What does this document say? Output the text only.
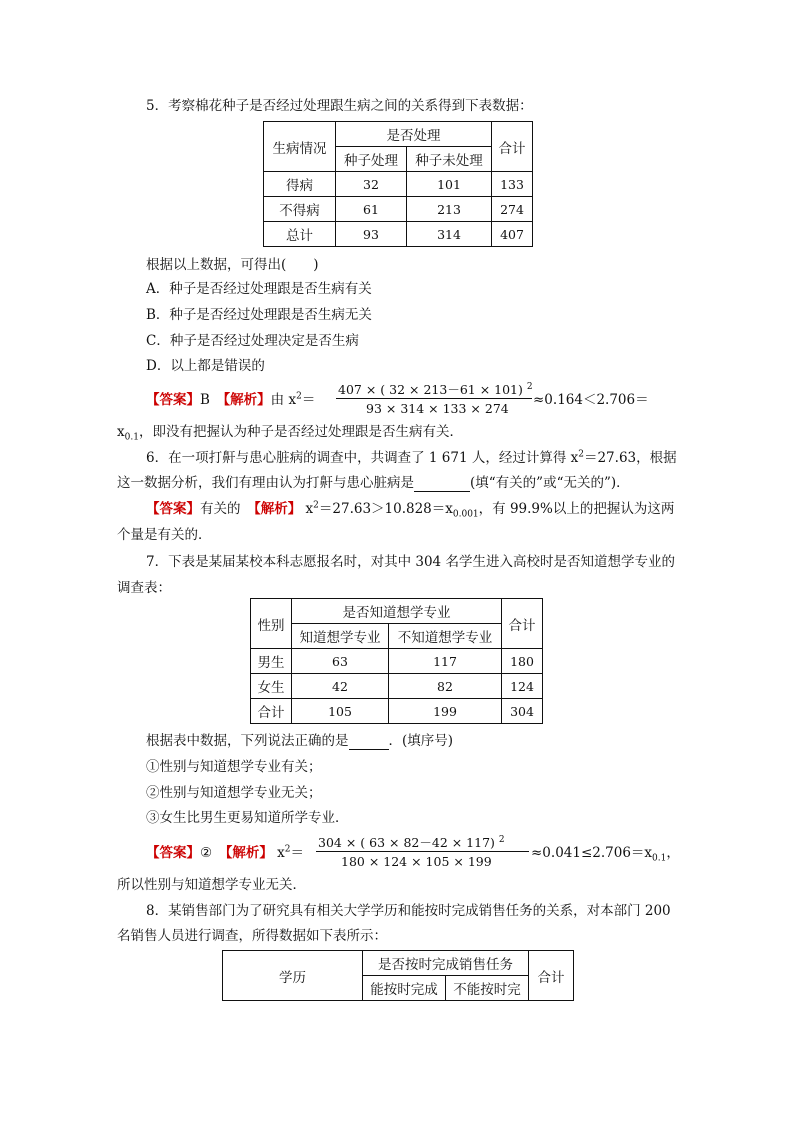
5．考察棉花种子是否经过处理跟生病之间的关系得到下表数据：
生病情况	是否处理		合计
	种子处理	种子未处理	
得病	32	101	133
不得病	61	213	274
总计	93	314	407
根据以上数据，可得出(　　)
A．种子是否经过处理跟是否生病有关
B．种子是否经过处理跟是否生病无关
C．种子是否经过处理决定是否生病
D．以上都是错误的
【答案】B　 【解析】由 $x^2=$
407 × ( 32 × 213－61 × 101) $^2$
93 × 314 × 133 × 274
≈0.164＜2.706＝
$x_{0.1}$，即没有把握认为种子是否经过处理跟是否生病有关．
6．在一项打鼾与患心脏病的调查中，共调查了 1 671 人，经过计算得 $x^2=27.63$，根据
这一数据分析，我们有理由认为打鼾与患心脏病是	(填“有关的”或“无关的”)．
【答案】有关的　 【解析】 $x^2=27.63>10.828=x_{0.001}$，有 99.9%以上的把握认为这两
个量是有关的．
7．下表是某届某校本科志愿报名时，对其中 304 名学生进入高校时是否知道想学专业的
调查表：
性别	是否知道想学专业		合计
	知道想学专业	不知道想学专业	
男生	63	117	180
女生	42	82	124
合计	105	199	304
根据表中数据，下列说法正确的是	．(填序号)
①性别与知道想学专业有关；
②性别与知道想学专业无关；
③女生比男生更易知道所学专业．
【答案】②　 【解析】 $x^2=$
304 × ( 63 × 82－42 × 117) $^2$
180 × 124 × 105 × 199
$\approx 0.041\le 2.706=x_{0.1}$，
所以性别与知道想学专业无关．
8．某销售部门为了研究具有相关大学学历和能按时完成销售任务的关系，对本部门 200
名销售人员进行调查，所得数据如下表所示：
学历	是否按时完成销售任务		合计
	能按时完成	不能按时完	
